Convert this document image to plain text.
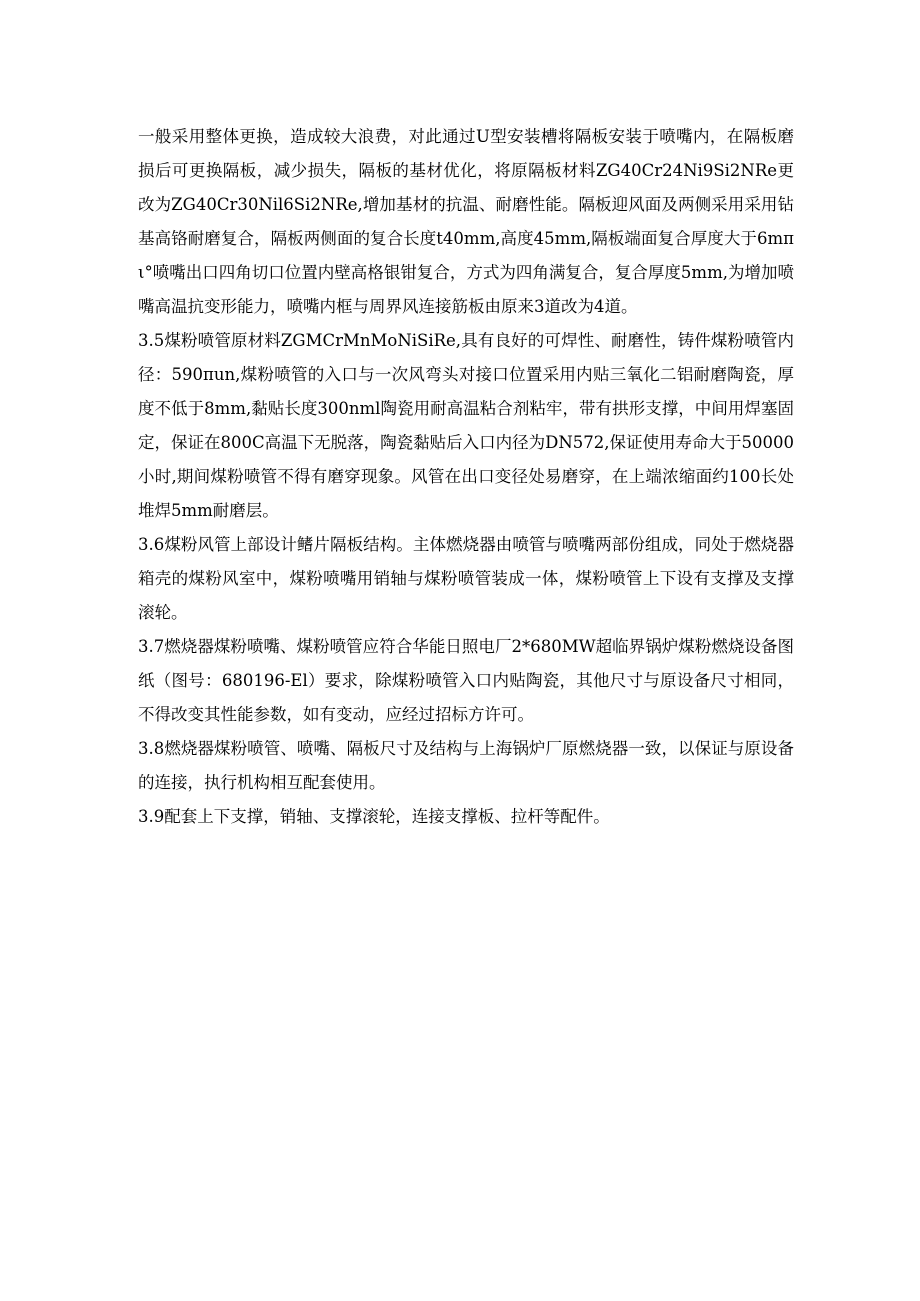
一般采用整体更换，造成较大浪费，对此通过U型安装槽将隔板安装于喷嘴内，在隔板磨损后可更换隔板，减少损失，隔板的基材优化，将原隔板材料ZG40Cr24Ni9Si2NRe更改为ZG40Cr30Nil6Si2NRe,增加基材的抗温、耐磨性能。隔板迎风面及两侧采用采用钻基高铬耐磨复合，隔板两侧面的复合长度t40mm,高度45mm,隔板端面复合厚度大于6mπι°喷嘴出口四角切口位置内壁高格银钳复合，方式为四角满复合，复合厚度5mm,为增加喷嘴高温抗变形能力，喷嘴内框与周界风连接筋板由原来3道改为4道。

3.5煤粉喷管原材料ZGMCrMnMoNiSiRe,具有良好的可焊性、耐磨性，铸件煤粉喷管内径：590πun,煤粉喷管的入口与一次风弯头对接口位置采用内贴三氧化二铝耐磨陶瓷，厚度不低于8mm,黏贴长度300nml陶瓷用耐高温粘合剂粘牢，带有拱形支撑，中间用焊塞固定，保证在800C高温下无脱落，陶瓷黏贴后入口内径为DN572,保证使用寿命大于50000小时,期间煤粉喷管不得有磨穿现象。风管在出口变径处易磨穿，在上端浓缩面约100长处堆焊5mm耐磨层。

3.6煤粉风管上部设计鳍片隔板结构。主体燃烧器由喷管与喷嘴两部份组成，同处于燃烧器箱壳的煤粉风室中，煤粉喷嘴用销轴与煤粉喷管装成一体，煤粉喷管上下设有支撑及支撑滚轮。

3.7燃烧器煤粉喷嘴、煤粉喷管应符合华能日照电厂2*680MW超临界锅炉煤粉燃烧设备图纸（图号：680196-El）要求，除煤粉喷管入口内贴陶瓷，其他尺寸与原设备尺寸相同，不得改变其性能参数，如有变动，应经过招标方许可。

3.8燃烧器煤粉喷管、喷嘴、隔板尺寸及结构与上海锅炉厂原燃烧器一致，以保证与原设备的连接，执行机构相互配套使用。

3.9配套上下支撑，销轴、支撑滚轮，连接支撑板、拉杆等配件。
